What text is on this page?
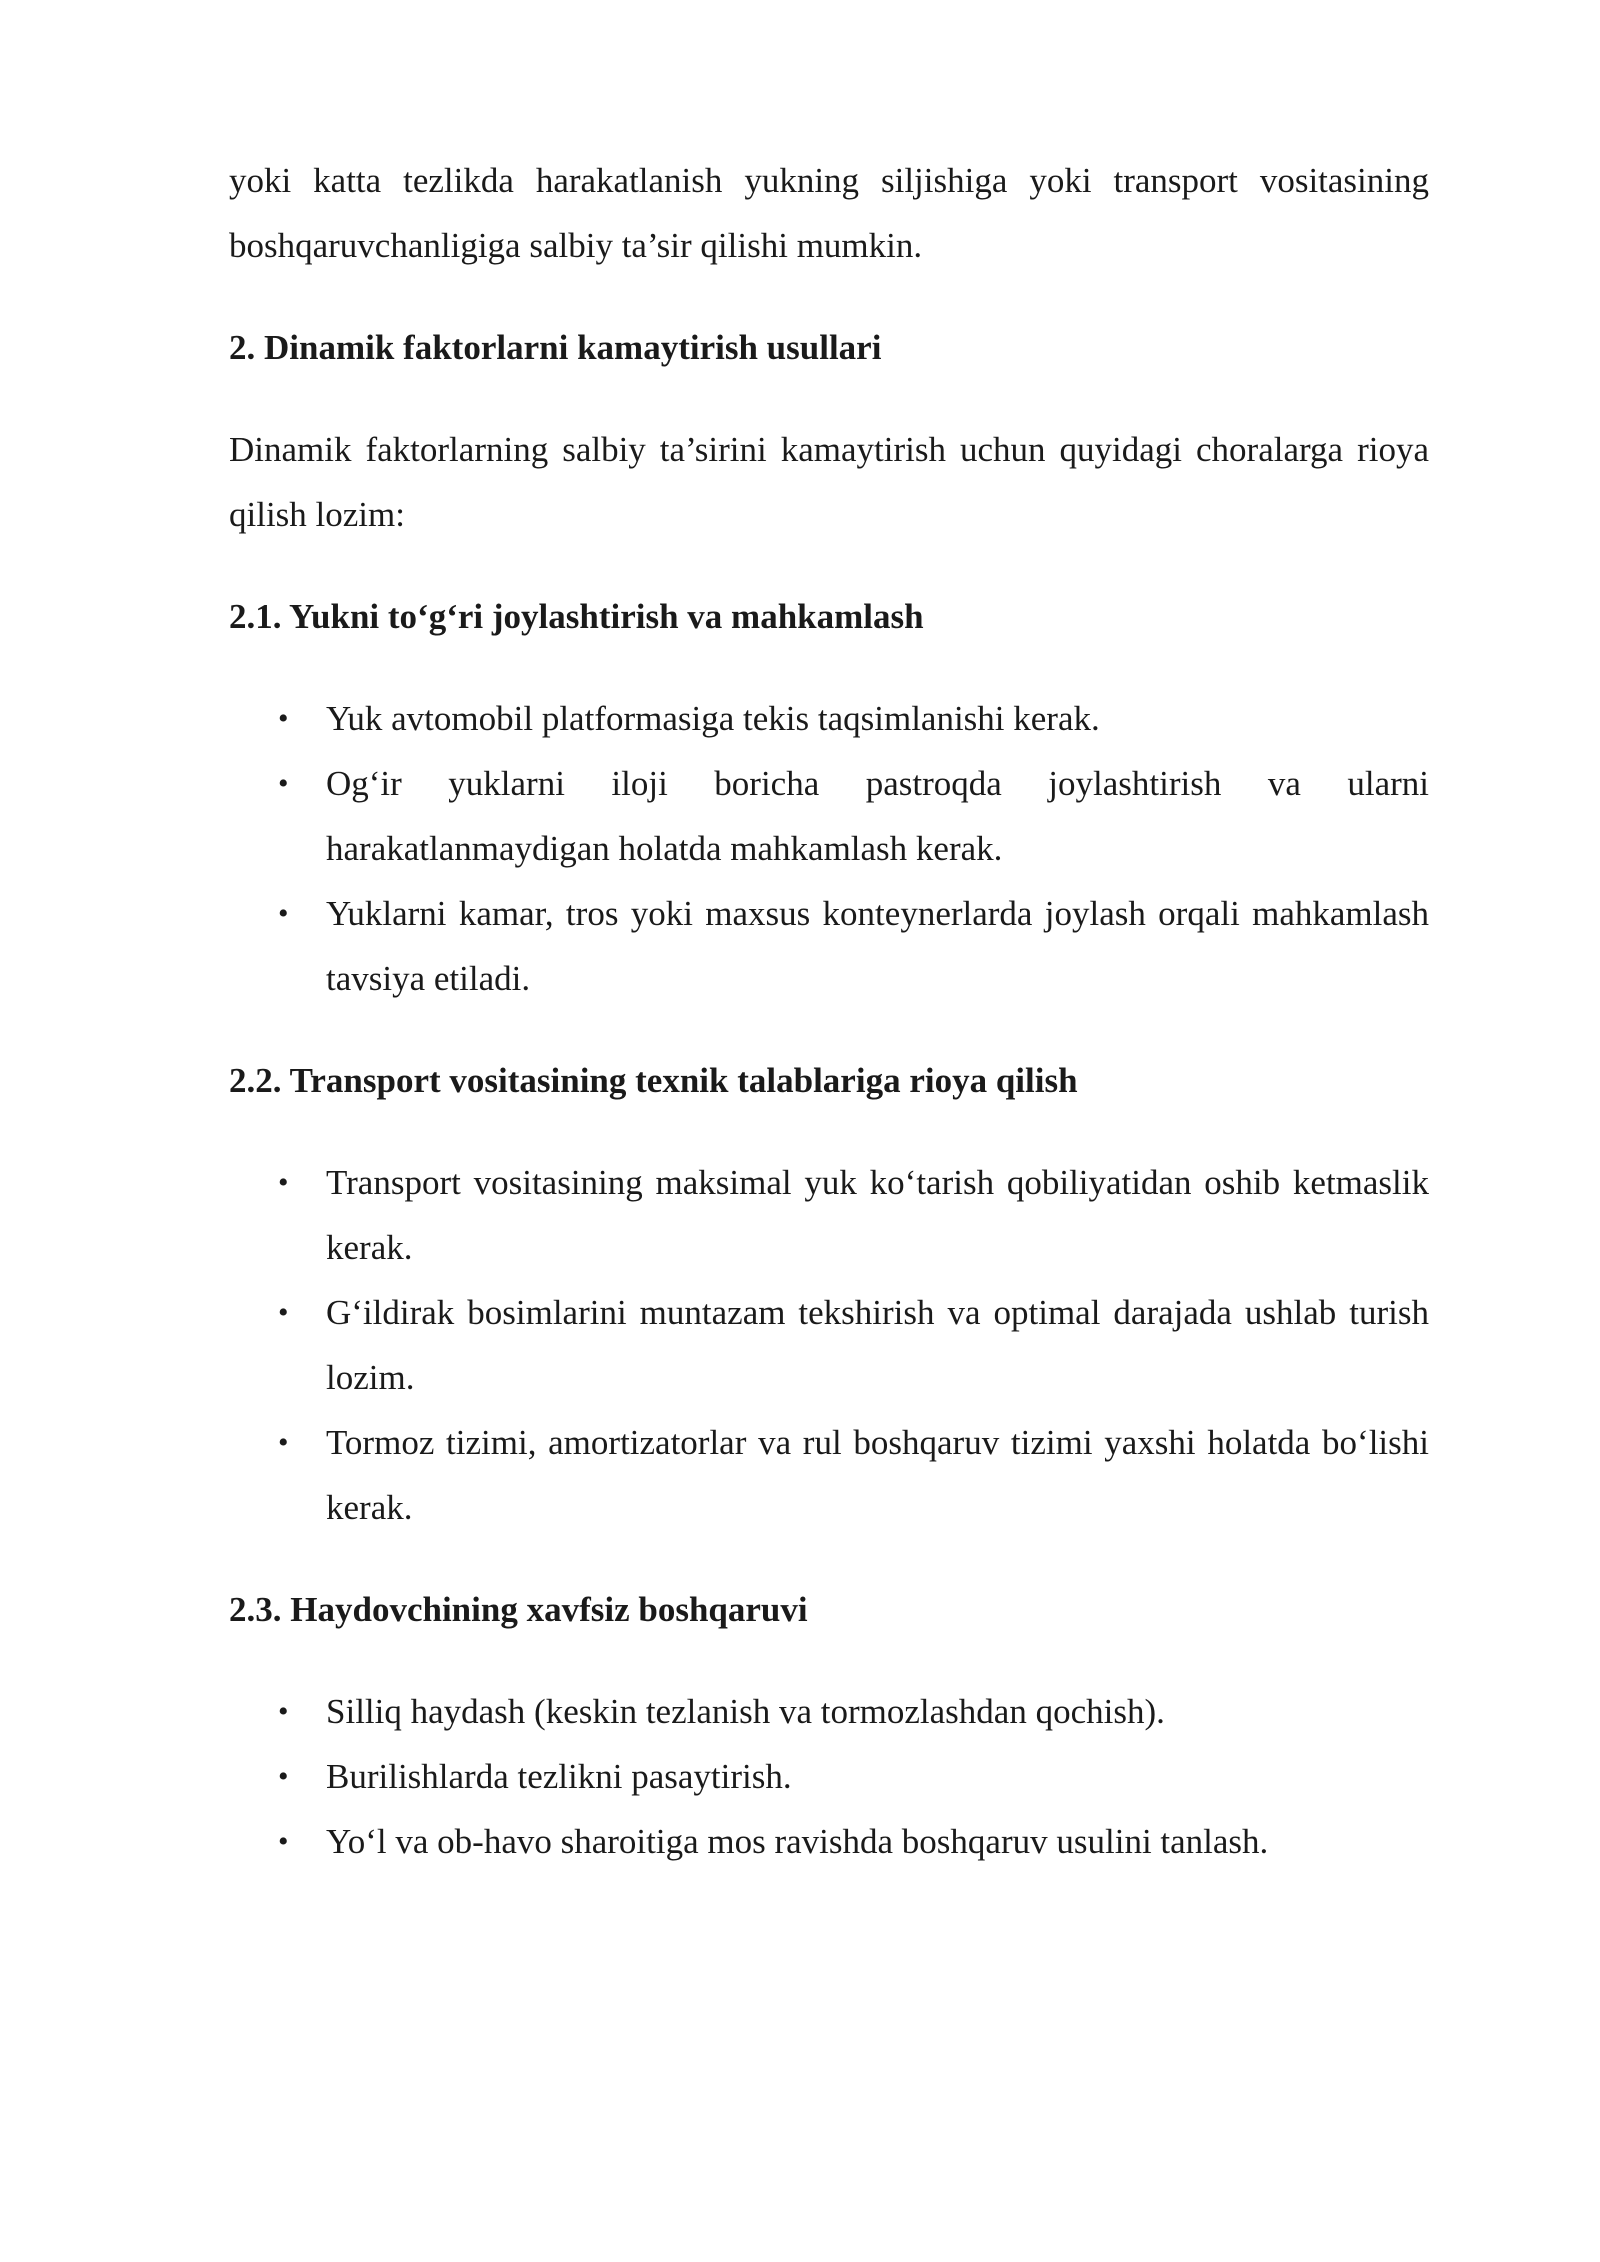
yoki katta tezlikda harakatlanish yukning siljishiga yoki transport vositasining boshqaruvchanligiga salbiy ta’sir qilishi mumkin.

2. Dinamik faktorlarni kamaytirish usullari

Dinamik faktorlarning salbiy ta’sirini kamaytirish uchun quyidagi choralarga rioya qilish lozim:

2.1. Yukni to‘g‘ri joylashtirish va mahkamlash
• Yuk avtomobil platformasiga tekis taqsimlanishi kerak.
• Og‘ir yuklarni iloji boricha pastroqda joylashtirish va ularni harakatlanmaydigan holatda mahkamlash kerak.
• Yuklarni kamar, tros yoki maxsus konteynerlarda joylash orqali mahkamlash tavsiya etiladi.
2.2. Transport vositasining texnik talablariga rioya qilish
• Transport vositasining maksimal yuk ko‘tarish qobiliyatidan oshib ketmaslik kerak.
• G‘ildirak bosimlarini muntazam tekshirish va optimal darajada ushlab turish lozim.
• Tormoz tizimi, amortizatorlar va rul boshqaruv tizimi yaxshi holatda bo‘lishi kerak.
2.3. Haydovchining xavfsiz boshqaruvi
• Silliq haydash (keskin tezlanish va tormozlashdan qochish).
• Burilishlarda tezlikni pasaytirish.
• Yo‘l va ob-havo sharoitiga mos ravishda boshqaruv usulini tanlash.
